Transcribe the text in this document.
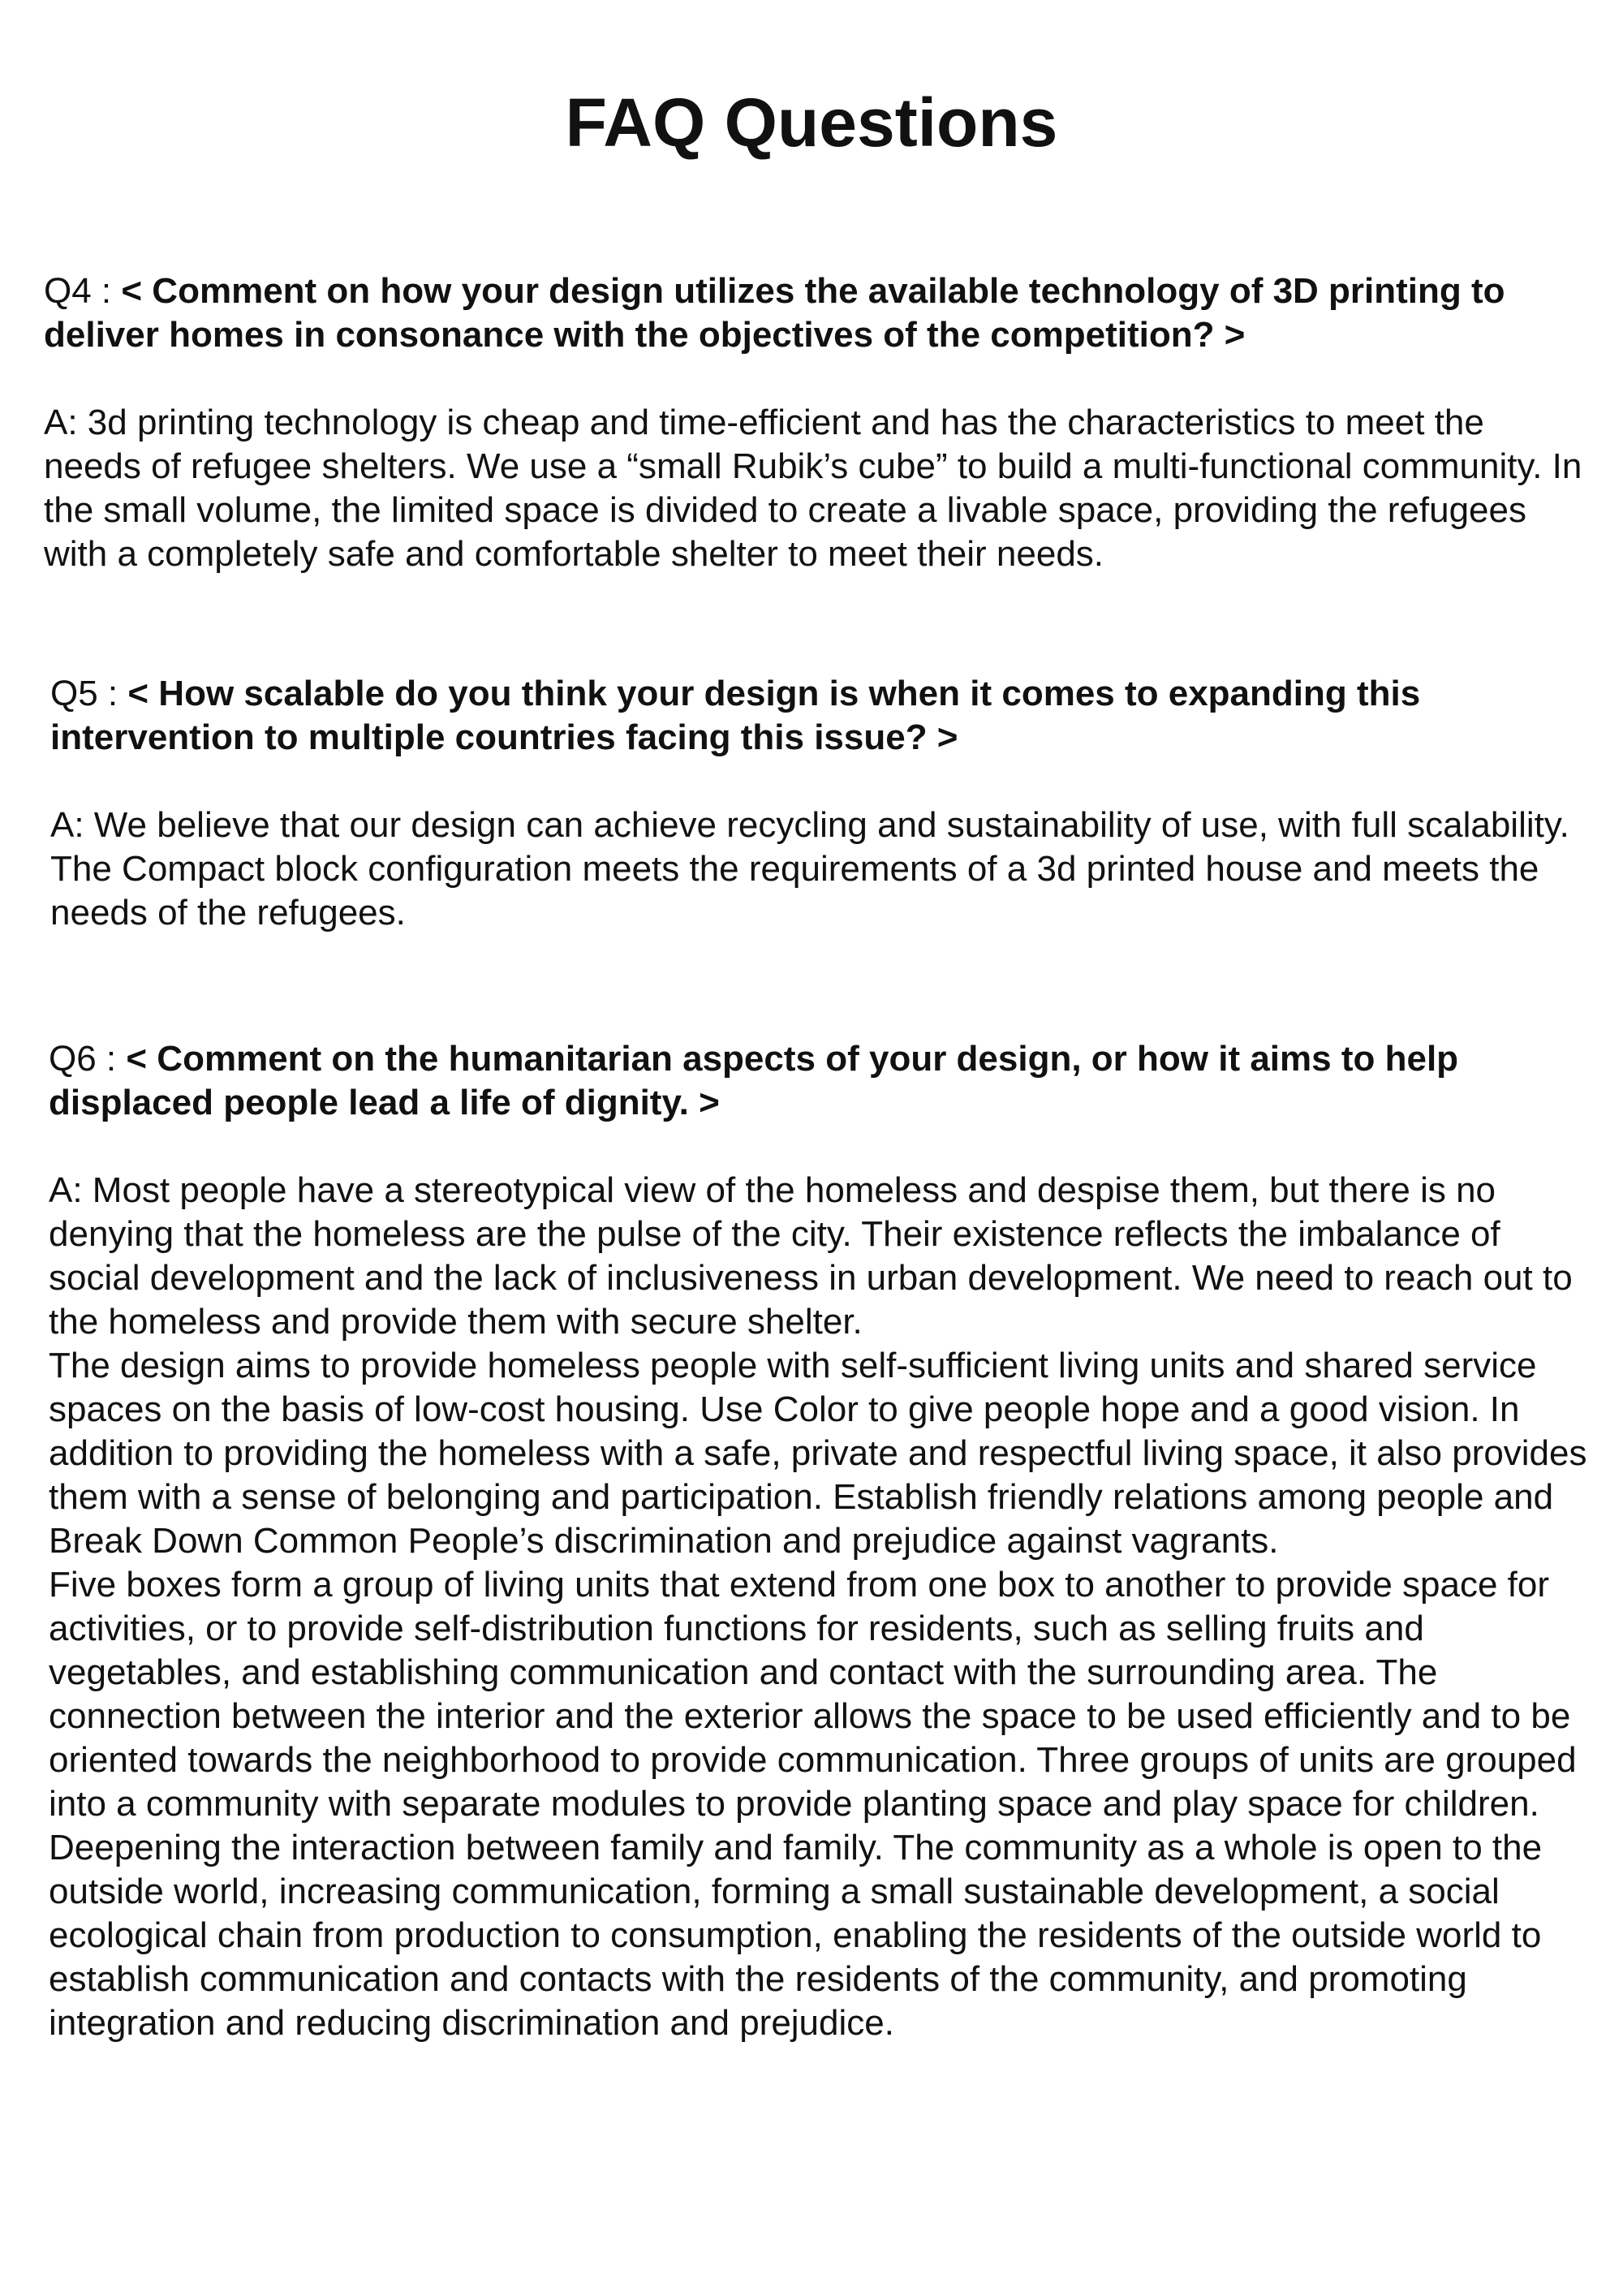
FAQ Questions

Q4 : < Comment on how your design utilizes the available technology of 3D printing to deliver homes in consonance with the objectives of the competition? >

A: 3d printing technology is cheap and time-efficient and has the characteristics to meet the needs of refugee shelters. We use a “small Rubik’s cube” to build a multi-functional community. In the small volume, the limited space is divided to create a livable space, providing the refugees with a completely safe and comfortable shelter to meet their needs.

Q5 : < How scalable do you think your design is when it comes to expanding this intervention to multiple countries facing this issue? >

A: We believe that our design can achieve recycling and sustainability of use, with full scalability. The Compact block configuration meets the requirements of a 3d printed house and meets the needs of the refugees.

Q6 : < Comment on the humanitarian aspects of your design, or how it aims to help displaced people lead a life of dignity. >

A: Most people have a stereotypical view of the homeless and despise them, but there is no denying that the homeless are the pulse of the city. Their existence reflects the imbalance of social development and the lack of inclusiveness in urban development. We need to reach out to the homeless and provide them with secure shelter.
The design aims to provide homeless people with self-sufficient living units and shared service spaces on the basis of low-cost housing. Use Color to give people hope and a good vision. In addition to providing the homeless with a safe, private and respectful living space, it also provides them with a sense of belonging and participation. Establish friendly relations among people and Break Down Common People’s discrimination and prejudice against vagrants.
Five boxes form a group of living units that extend from one box to another to provide space for activities, or to provide self-distribution functions for residents, such as selling fruits and vegetables, and establishing communication and contact with the surrounding area. The connection between the interior and the exterior allows the space to be used efficiently and to be oriented towards the neighborhood to provide communication. Three groups of units are grouped into a community with separate modules to provide planting space and play space for children. Deepening the interaction between family and family. The community as a whole is open to the outside world, increasing communication, forming a small sustainable development, a social ecological chain from production to consumption, enabling the residents of the outside world to establish communication and contacts with the residents of the community, and promoting integration and reducing discrimination and prejudice.
